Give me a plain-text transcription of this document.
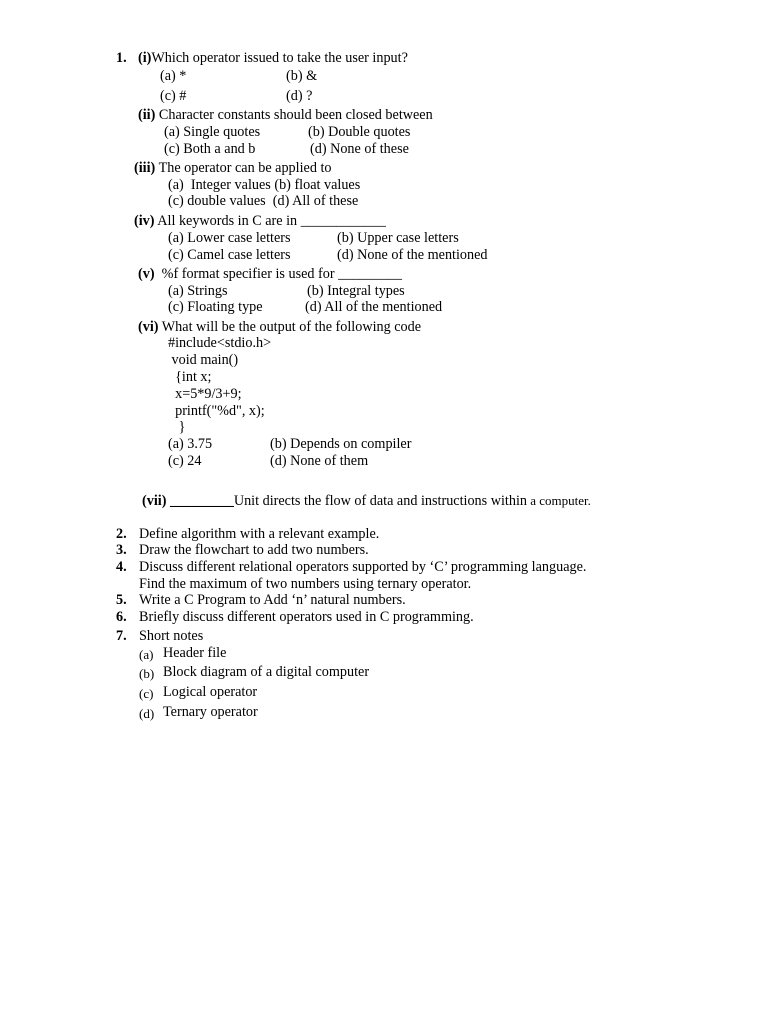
1. (i)Which operator issued to take the user input?
(a) *	(b) &
(c) #	(d) ?
(ii) Character constants should been closed between
(a) Single quotes	(b) Double quotes
(c) Both a and b	(d) None of these
(iii) The operator can be applied to
(a)  Integer values (b) float values
(c) double values  (d) All of these
(iv) All keywords in C are in ____________
(a) Lower case letters	(b) Upper case letters
(c) Camel case letters	(d) None of the mentioned
(v)  %f format specifier is used for _________
(a) Strings	(b) Integral types
(c) Floating type	(d) All of the mentioned
(vi) What will be the output of the following code
#include<stdio.h>
void main()
{int x;
x=5*9/3+9;
printf("%d", x);
}
(a) 3.75	(b) Depends on compiler
(c) 24	(d) None of them
(vii) _________Unit directs the flow of data and instructions within a computer.
2. Define algorithm with a relevant example.
3. Draw the flowchart to add two numbers.
4. Discuss different relational operators supported by ‘C’ programming language.
Find the maximum of two numbers using ternary operator.
5. Write a C Program to Add ‘n’ natural numbers.
6. Briefly discuss different operators used in C programming.
7. Short notes
(a) Header file
(b) Block diagram of a digital computer
(c) Logical operator
(d) Ternary operator
